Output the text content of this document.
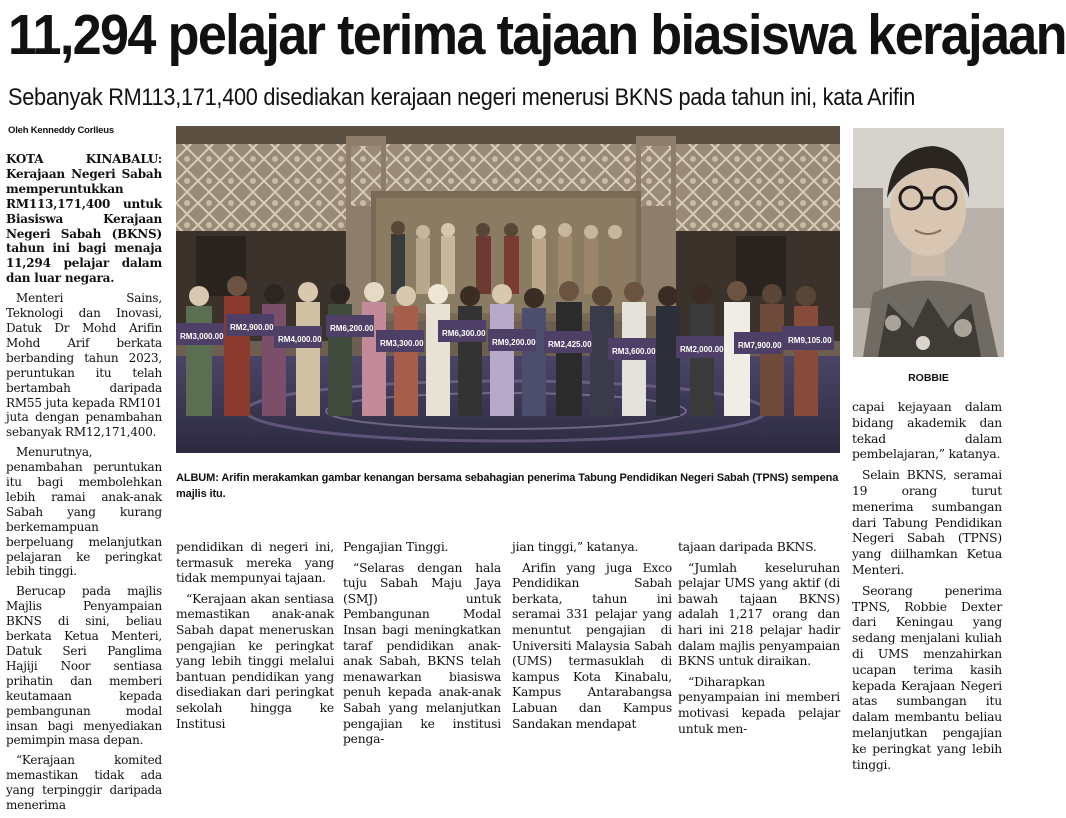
11,294 pelajar terima tajaan biasiswa kerajaan
Sebanyak RM113,171,400 disediakan kerajaan negeri menerusi BKNS pada tahun ini, kata Arifin
Oleh Kenneddy Corlleus

KOTA KINABALU: Kerajaan Negeri Sabah memperuntukkan RM113,171,400 untuk Biasiswa Kerajaan Negeri Sabah (BKNS) tahun ini bagi menaja 11,294 pelajar dalam dan luar negara.

Menteri Sains, Teknologi dan Inovasi, Datuk Dr Mohd Arifin Mohd Arif berkata berbanding tahun 2023, peruntukan itu telah bertambah daripada RM55 juta kepada RM101 juta dengan penambahan sebanyak RM12,171,400.

Menurutnya, penambahan peruntukan itu bagi membolehkan lebih ramai anak-anak Sabah yang kurang berkemampuan berpeluang melanjutkan pelajaran ke peringkat lebih tinggi.

Berucap pada majlis Majlis Penyampaian BKNS di sini, beliau berkata Ketua Menteri, Datuk Seri Panglima Hajiji Noor sentiasa prihatin dan memberi keutamaan kepada pembangunan modal insan bagi menyediakan pemimpin masa depan.

“Kerajaan komited memastikan tidak ada yang terpinggir daripada menerima

RM3,000.00
RM2,900.00
RM4,000.00
RM6,200.00
RM3,300.00
RM6,300.00
RM9,200.00 RM2,425.00
RM3,600.00	RM2,000.00 RM7,900.00
RM9,105.00
ALBUM: Arifin merakamkan gambar kenangan bersama sebahagian penerima Tabung Pendidikan Negeri Sabah (TPNS) sempena majlis itu.
ROBBIE

pendidikan di negeri ini, termasuk mereka yang tidak mempunyai tajaan.

“Kerajaan akan sentiasa memastikan anak-anak Sabah dapat meneruskan pengajian ke peringkat yang lebih tinggi melalui bantuan pendidikan yang disediakan dari peringkat sekolah hingga ke Institusi

Pengajian Tinggi.

“Selaras dengan hala tuju Sabah Maju Jaya (SMJ) untuk Pembangunan Modal Insan bagi meningkatkan taraf pendidikan anak-anak Sabah, BKNS telah menawarkan biasiswa penuh kepada anak-anak Sabah yang melanjutkan pengajian ke institusi penga-

jian tinggi,” katanya.

Arifin yang juga Exco Pendidikan Sabah berkata, tahun ini seramai 331 pelajar yang menuntut pengajian di Universiti Malaysia Sabah (UMS) termasuklah di kampus Kota Kinabalu, Kampus Antarabangsa Labuan dan Kampus Sandakan mendapat

tajaan daripada BKNS.

“Jumlah keseluruhan pelajar UMS yang aktif (di bawah tajaan BKNS) adalah 1,217 orang dan hari ini 218 pelajar hadir dalam majlis penyampaian BKNS untuk diraikan.

“Diharapkan penyampaian ini memberi motivasi kepada pelajar untuk men-

capai kejayaan dalam bidang akademik dan tekad dalam pembelajaran,” katanya.

Selain BKNS, seramai 19 orang turut menerima sumbangan dari Tabung Pendidikan Negeri Sabah (TPNS) yang diilhamkan Ketua Menteri.

Seorang penerima TPNS, Robbie Dexter dari Keningau yang sedang menjalani kuliah di UMS menzahirkan ucapan terima kasih kepada Kerajaan Negeri atas sumbangan itu dalam membantu beliau melanjutkan pengajian ke peringkat yang lebih tinggi.
